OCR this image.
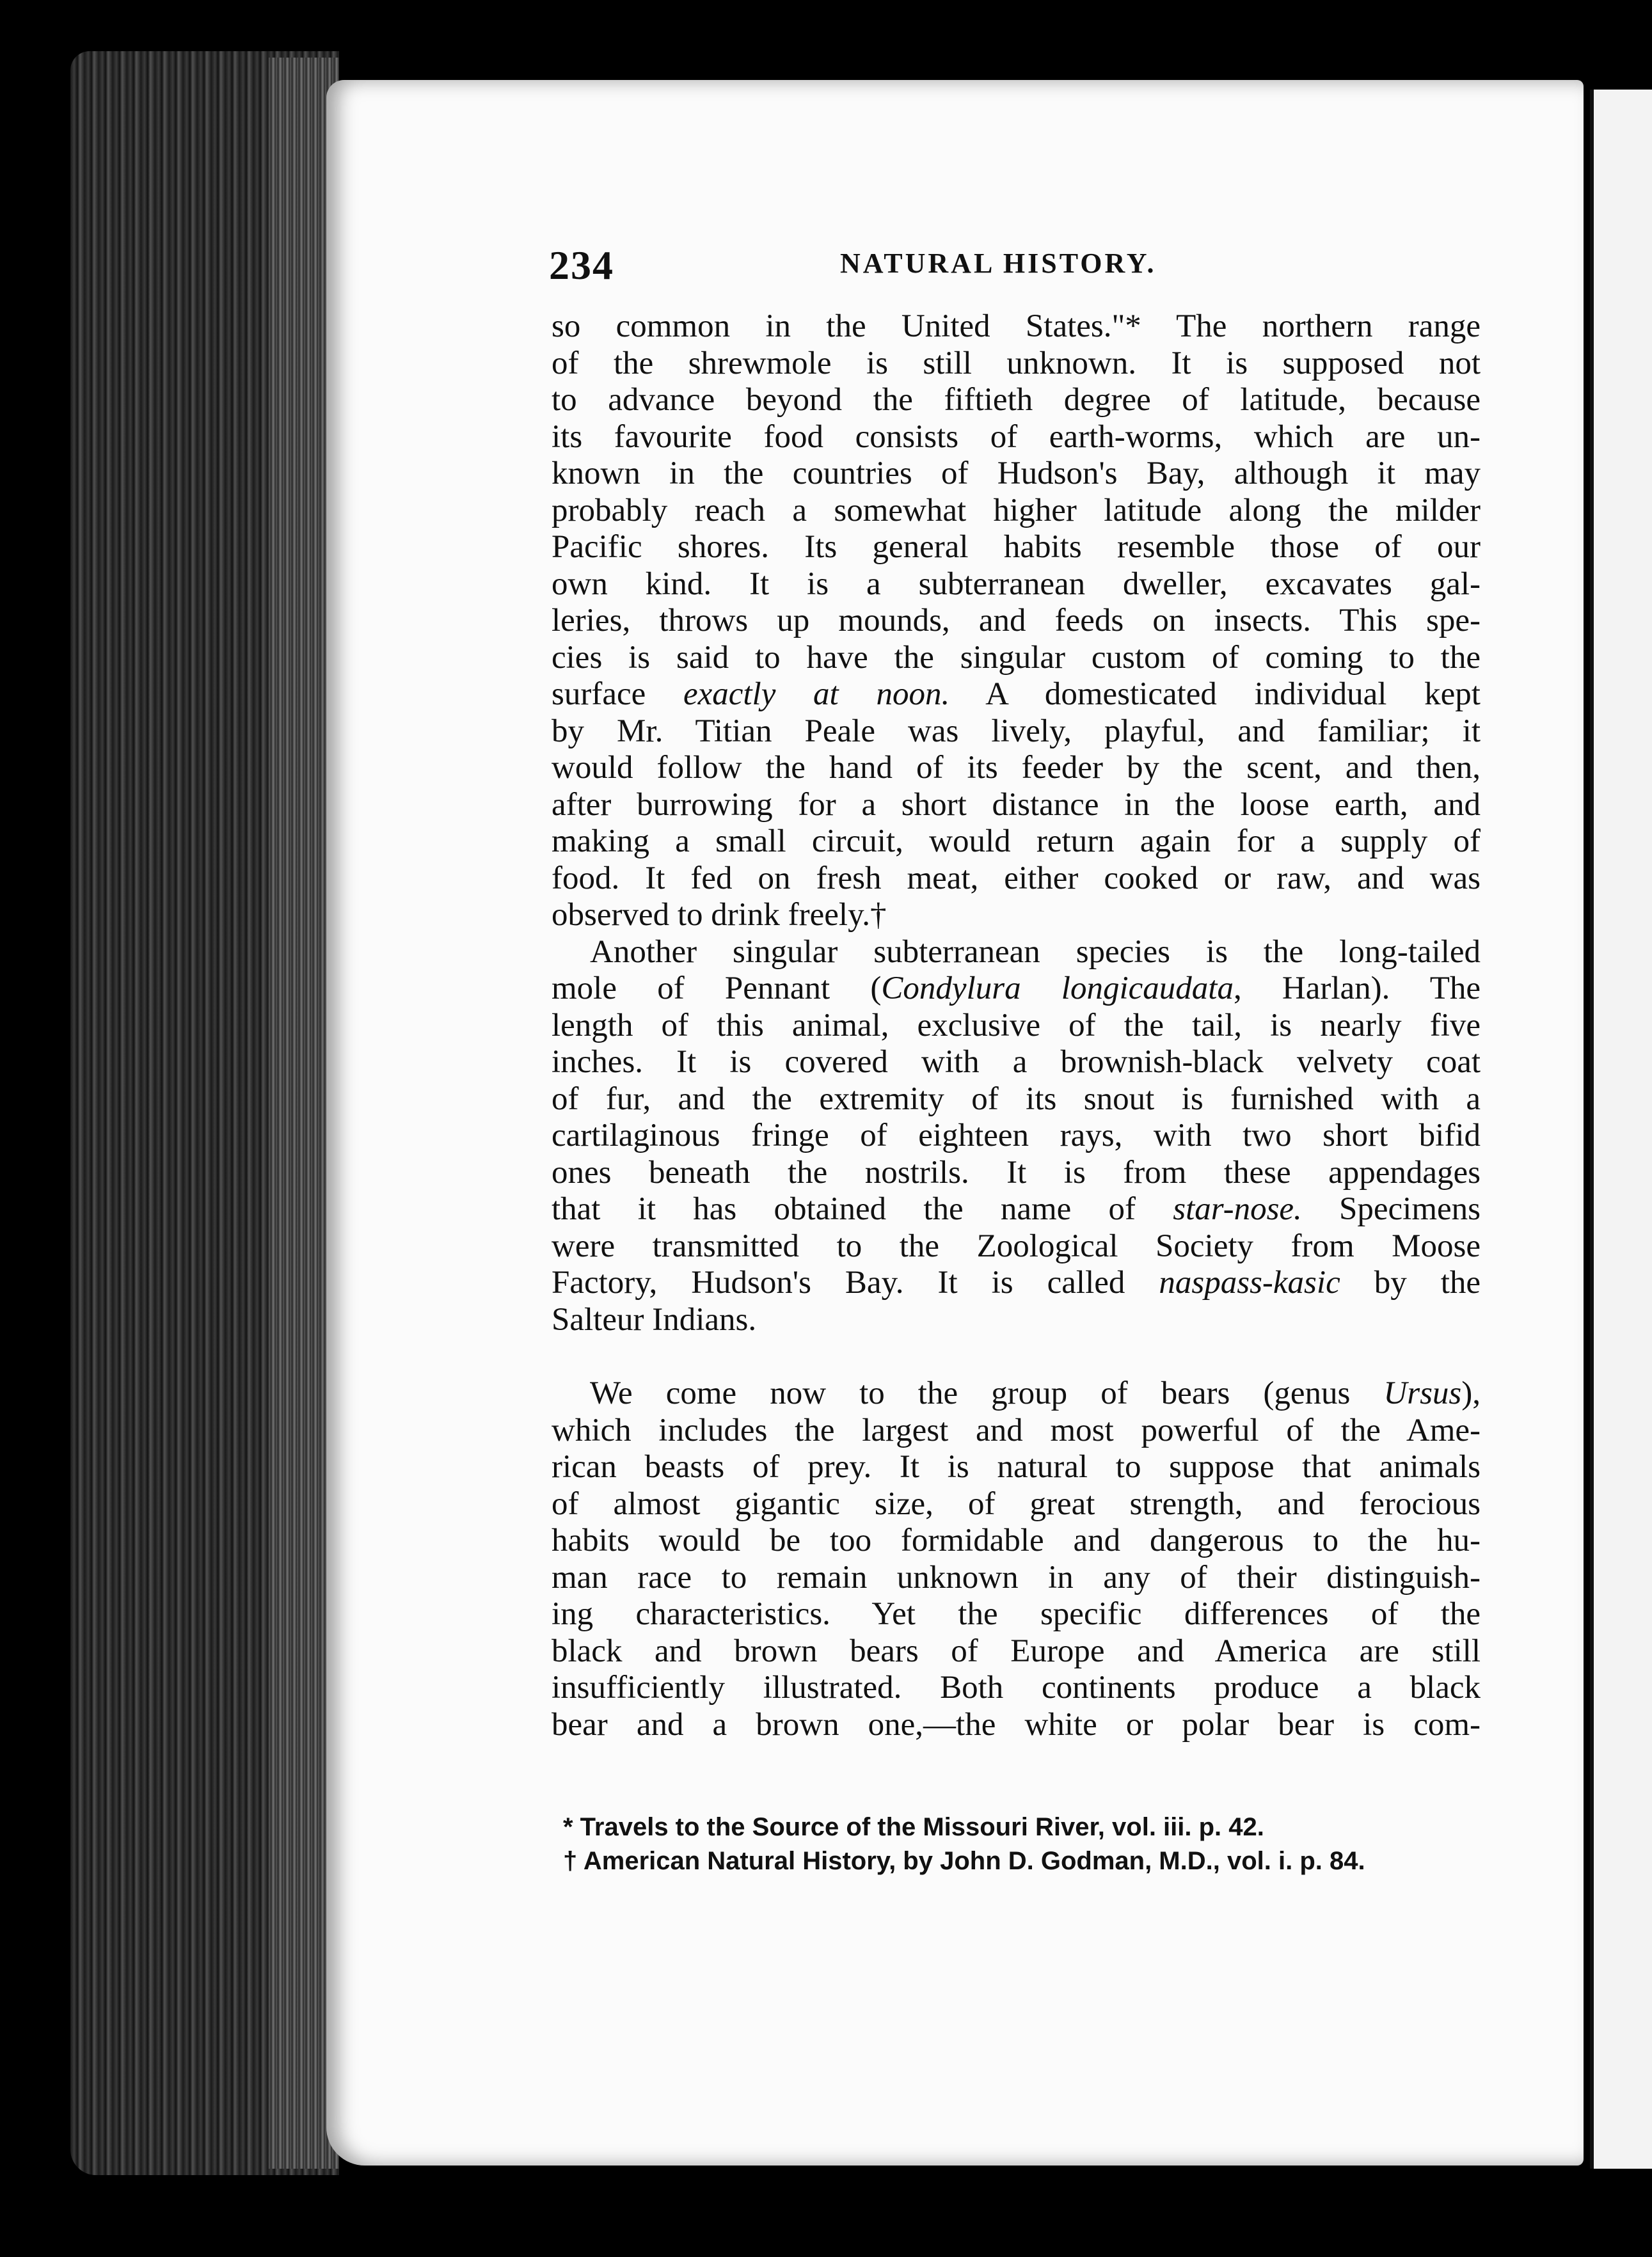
234	NATURAL HISTORY.
so common in the United States."* The northern range
of the shrewmole is still unknown. It is supposed not
to advance beyond the fiftieth degree of latitude, because
its favourite food consists of earth-worms, which are un-
known in the countries of Hudson's Bay, although it may
probably reach a somewhat higher latitude along the milder
Pacific shores. Its general habits resemble those of our
own kind. It is a subterranean dweller, excavates gal-
leries, throws up mounds, and feeds on insects. This spe-
cies is said to have the singular custom of coming to the
surface exactly at noon. A domesticated individual kept
by Mr. Titian Peale was lively, playful, and familiar; it
would follow the hand of its feeder by the scent, and then,
after burrowing for a short distance in the loose earth, and
making a small circuit, would return again for a supply of
food. It fed on fresh meat, either cooked or raw, and was
observed to drink freely.†
Another singular subterranean species is the long-tailed
mole of Pennant (Condylura longicaudata, Harlan). The
length of this animal, exclusive of the tail, is nearly five
inches. It is covered with a brownish-black velvety coat
of fur, and the extremity of its snout is furnished with a
cartilaginous fringe of eighteen rays, with two short bifid
ones beneath the nostrils. It is from these appendages
that it has obtained the name of star-nose. Specimens
were transmitted to the Zoological Society from Moose
Factory, Hudson's Bay. It is called naspass-kasic by the
Salteur Indians.
We come now to the group of bears (genus Ursus),
which includes the largest and most powerful of the Ame-
rican beasts of prey. It is natural to suppose that animals
of almost gigantic size, of great strength, and ferocious
habits would be too formidable and dangerous to the hu-
man race to remain unknown in any of their distinguish-
ing characteristics. Yet the specific differences of the
black and brown bears of Europe and America are still
insufficiently illustrated. Both continents produce a black
bear and a brown one,—the white or polar bear is com-
* Travels to the Source of the Missouri River, vol. iii. p. 42.
† American Natural History, by John D. Godman, M.D., vol. i. p. 84.
